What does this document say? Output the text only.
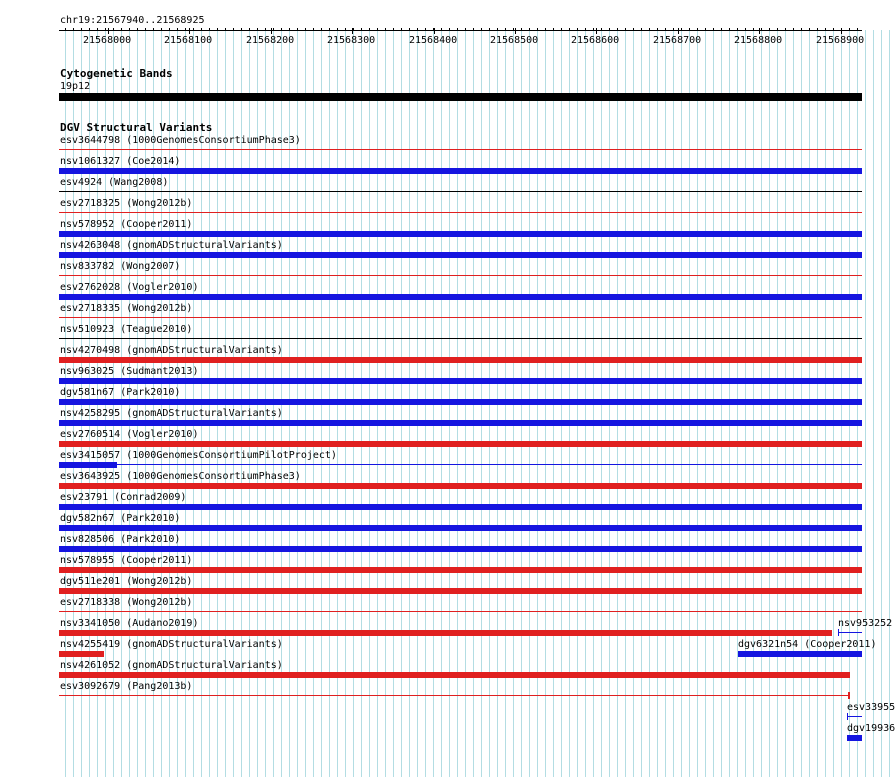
chr19:21567940..21568925
21568000	21568100	21568200	21568300	21568400	21568500	21568600	21568700	21568800	21568900
Cytogenetic Bands
19p12
DGV Structural Variants
esv3644798 (1000GenomesConsortiumPhase3)
nsv1061327 (Coe2014)
esv4924 (Wang2008)
esv2718325 (Wong2012b)
nsv578952 (Cooper2011)
nsv4263048 (gnomADStructuralVariants)
nsv833782 (Wong2007)
esv2762028 (Vogler2010)
esv2718335 (Wong2012b)
nsv510923 (Teague2010)
nsv4270498 (gnomADStructuralVariants)
nsv963025 (Sudmant2013)
dgv581n67 (Park2010)
nsv4258295 (gnomADStructuralVariants)
esv2760514 (Vogler2010)
esv3415057 (1000GenomesConsortiumPilotProject)
esv3643925 (1000GenomesConsortiumPhase3)
esv23791 (Conrad2009)
dgv582n67 (Park2010)
nsv828506 (Park2010)
nsv578955 (Cooper2011)
dgv511e201 (Wong2012b)
esv2718338 (Wong2012b)
nsv3341050 (Audano2019)
nsv4255419 (gnomADStructuralVariants)
nsv4261052 (gnomADStructuralVariants)
esv3092679 (Pang2013b)
nsv953252
dgv6321n54 (Cooper2011)
esv33955
dgv19936
